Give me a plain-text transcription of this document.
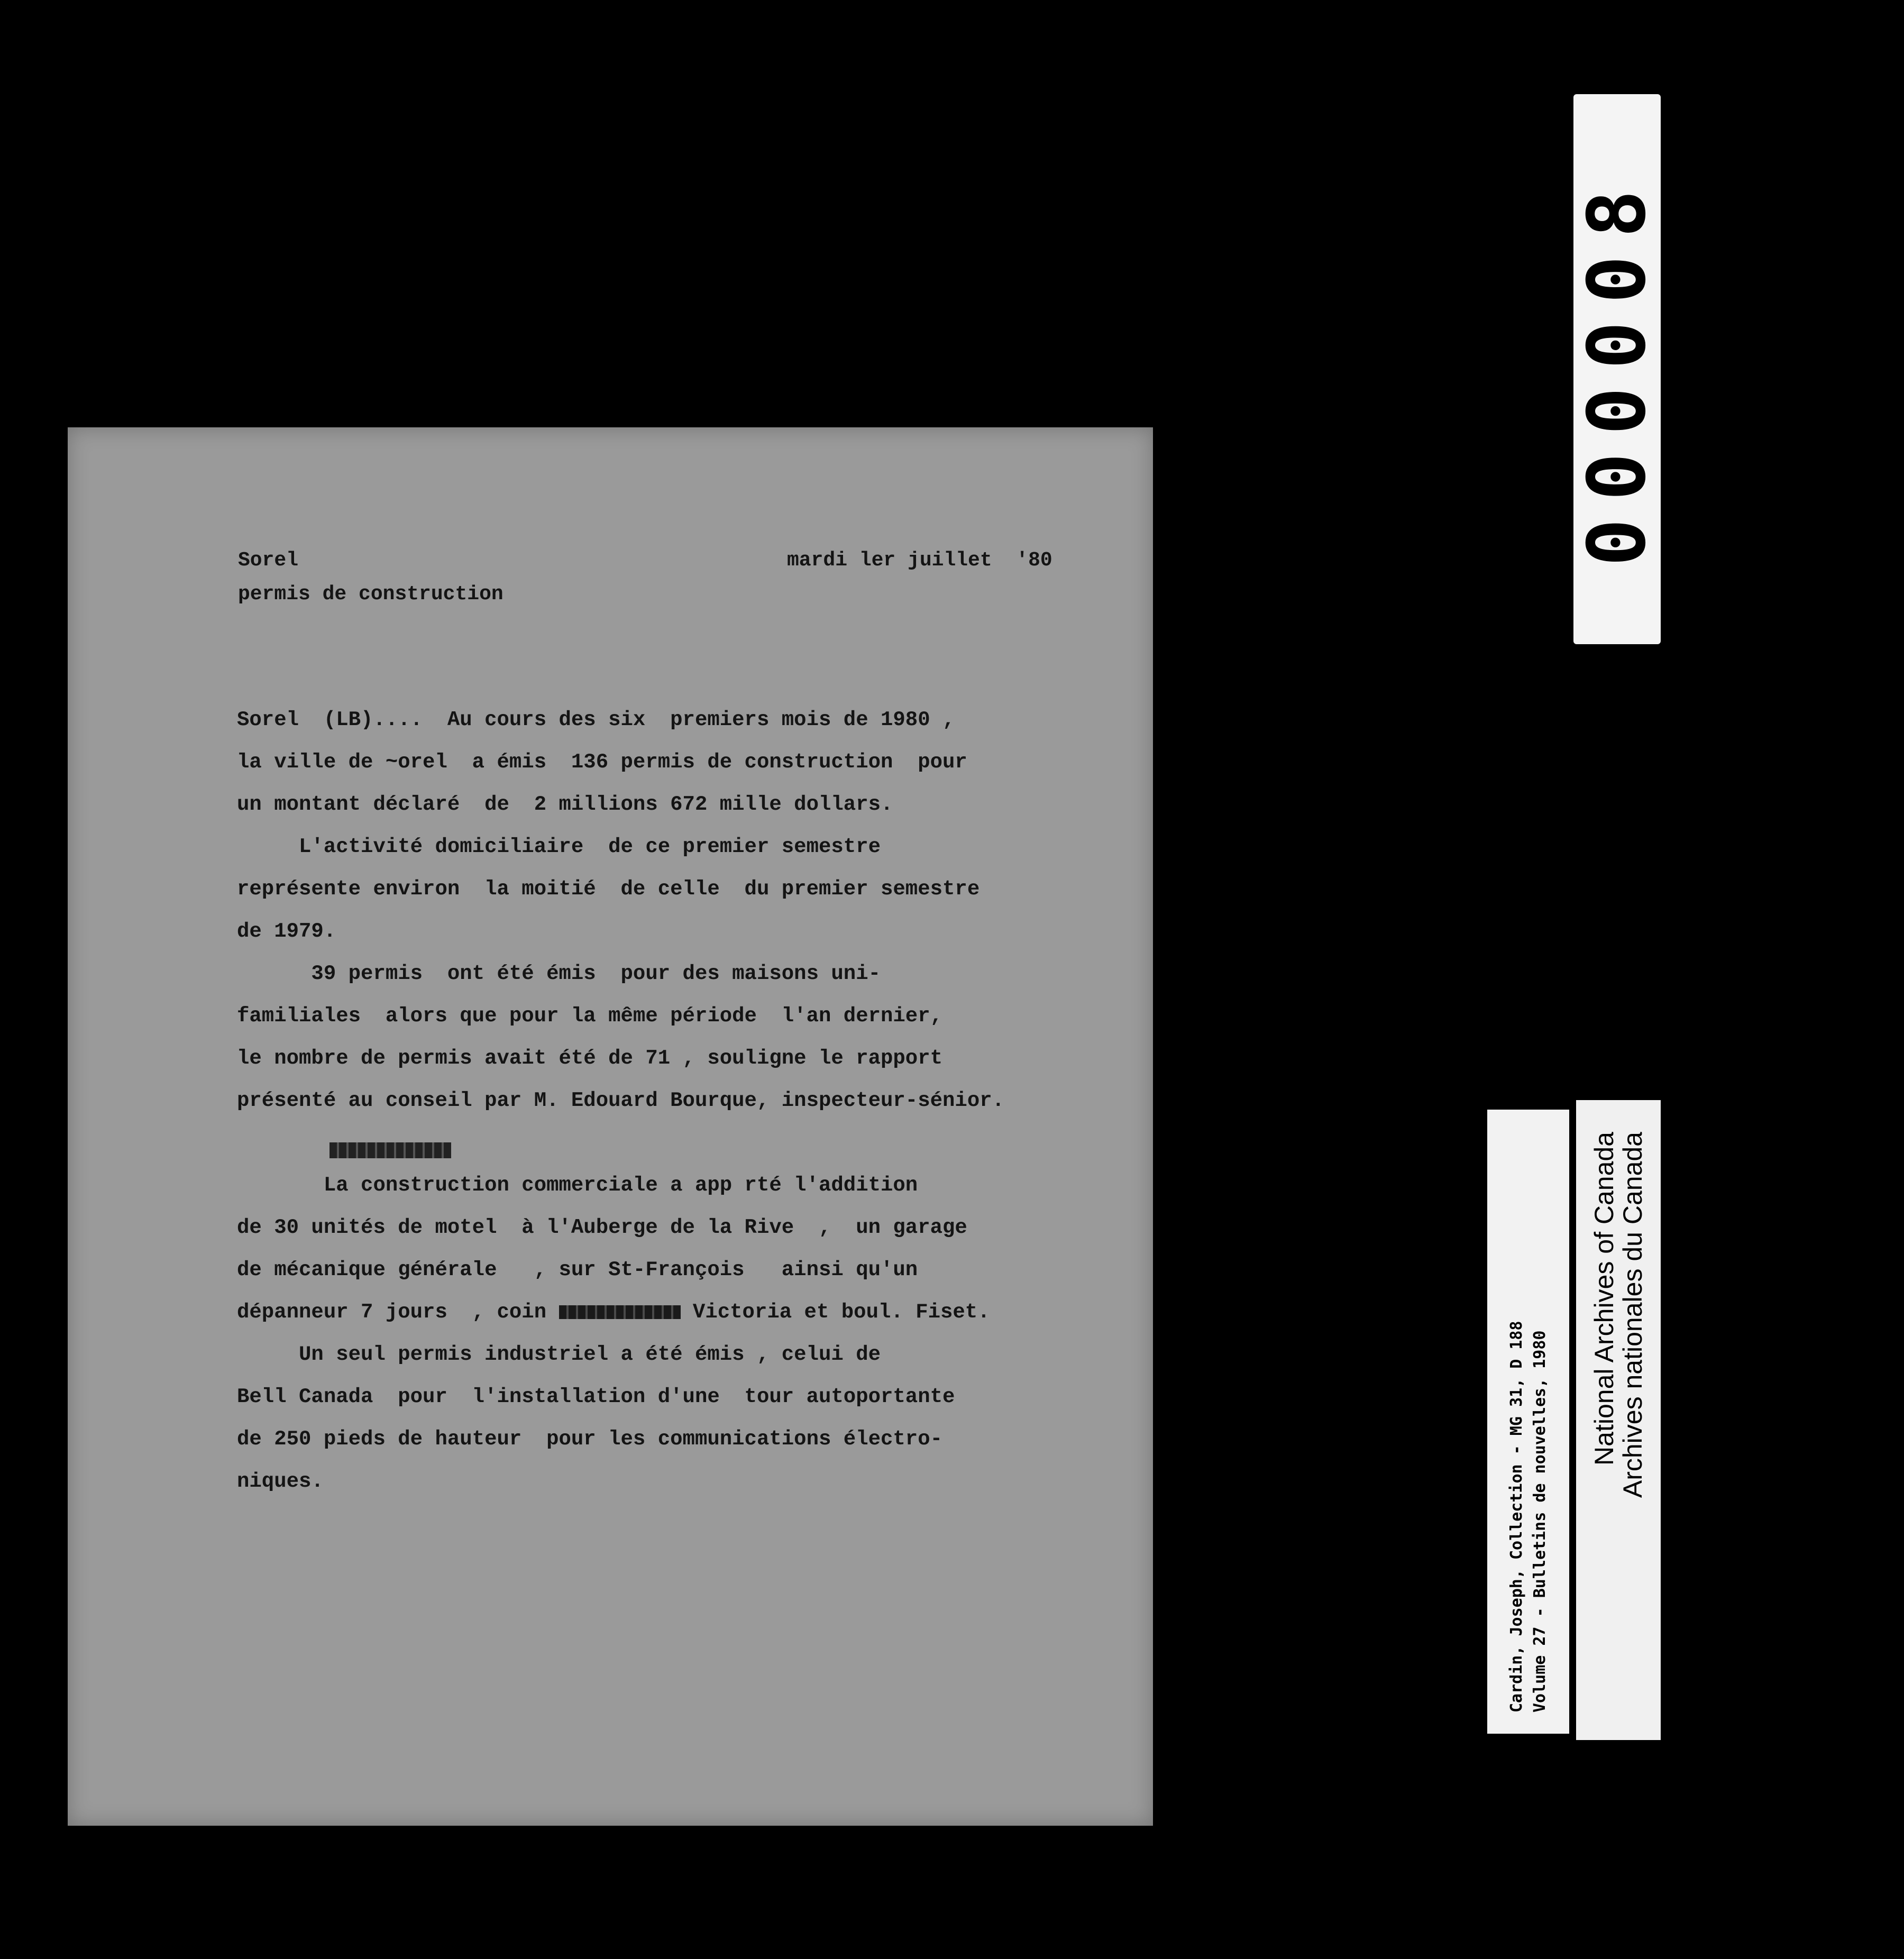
Sorel
permis de construction
mardi ler juillet  '80
Sorel  (LB)....  Au cours des six  premiers mois de 1980 ,
la ville de ~orel  a émis  136 permis de construction  pour
un montant déclaré  de  2 millions 672 mille dollars.
L'activité domiciliaire  de ce premier semestre
représente environ  la moitié  de celle  du premier semestre
de 1979.
39 permis  ont été émis  pour des maisons uni-
familiales  alors que pour la même période  l'an dernier,
le nombre de permis avait été de 71 , souligne le rapport
présenté au conseil par M. Edouard Bourque, inspecteur-sénior.
La construction commerciale a app rté l'addition
de 30 unités de motel  à l'Auberge de la Rive  ,  un garage
de mécanique générale   , sur St-François   ainsi qu'un
dépanneur 7 jours  , coin	Victoria et boul. Fiset.
Un seul permis industriel a été émis , celui de
Bell Canada  pour  l'installation d'une  tour autoportante
de 250 pieds de hauteur  pour les communications électro-
niques.
000008
Cardin, Joseph, Collection - MG 31, D 188 Volume 27 - Bulletins de nouvelles, 1980
National Archives of Canada
Archives nationales du Canada
